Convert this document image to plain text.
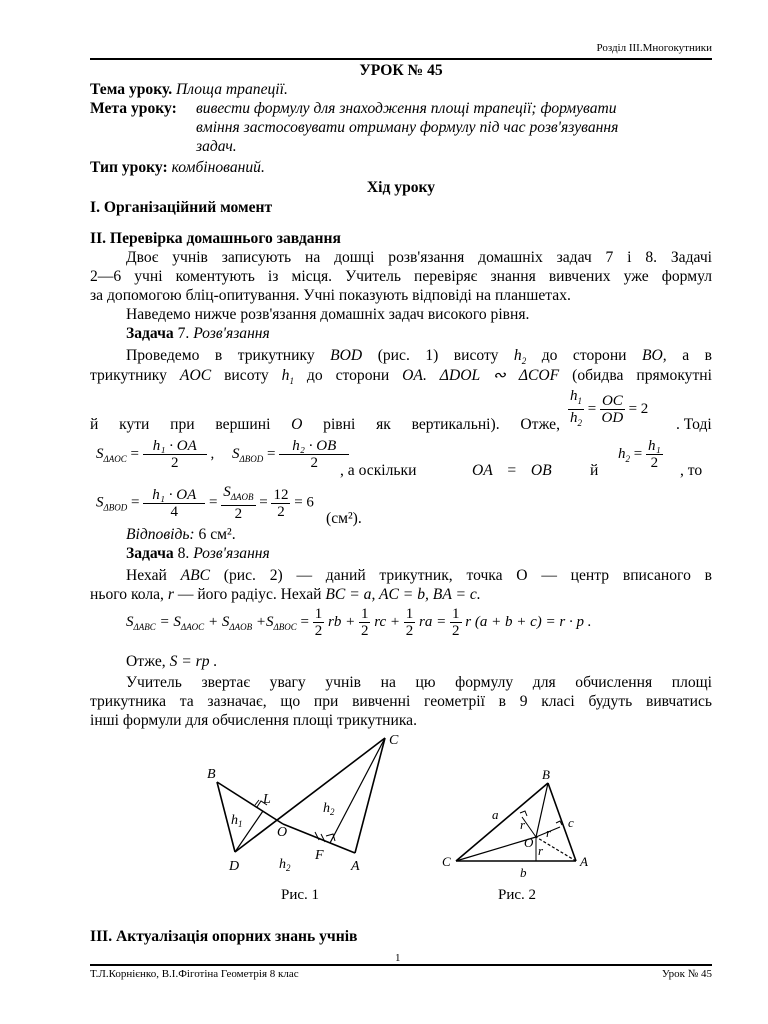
Розділ ІІІ.Многокутники
УРОК № 45
Тема уроку. Площа трапеції.
Мета уроку: вивести формулу для знаходження площі трапеції; формувати
вміння застосовувати отриману формулу під час розв'язування
задач.
Тип уроку: комбінований.
Хід уроку
I. Організаційний момент
II. Перевірка домашнього завдання
Двоє учнів записують на дошці розв'язання домашніх задач 7 і 8. Задачі
2—6 учні коментують із місця. Учитель перевіряє знання вивчених уже формул
за допомогою бліц-опитування. Учні показують відповіді на планшетах.
Наведемо нижче розв'язання домашніх задач високого рівня.
Задача 7. Розв'язання
Проведемо в трикутнику BOD (рис. 1) висоту $h_2$ до сторони BO, а в
трикутнику AOC висоту $h_1$ до сторони OA. ΔDOL ∾ ΔCOF (обидва прямокутні
$\frac{h_1}{h_2} = \frac{OC}{OD} = 2$
й кути при вершині O рівні як вертикальні). Отже,	. Тоді
$S_{\Delta AOC} = \frac{\text{h₁ · OA}}{2}$ , $S_{\Delta BOD} = \frac{\text{h₂ · OB}}{2}$
, а оскільки	OA = OB й
$h_2 = \frac{\text{h₁}}{2}$ , то
$S_{\Delta BOD} = \frac{\text{h₁ · OA}}{4} = \frac{S_{\Delta AOB}}{2} = \frac{12}{2} = 6$
(см²).
Відповідь: 6 см².
Задача 8. Розв'язання
Нехай ABC (рис. 2) — даний трикутник, точка O — центр вписаного в
нього кола, r — його радіус. Нехай BC = a, AC = b, BA = c.
$S_{\Delta ABC} = S_{\Delta AOC} + S_{\Delta AOB} +S_{\Delta BOC} = \frac{1}{2}$ rb + $\frac{1}{2}$ rc + $\frac{1}{2}$ ra = $\frac{1}{2}$ r (a + b + c) = r · p .
Отже, S = rp .
Учитель звертає увагу учнів на цю формулу для обчислення площі
трикутника та зазначає, що при вивченні геометрії в 9 класі будуть вивчатись
інші формули для обчислення площі трикутника.
B
C
D	A
O
L
F
$h_1$
$h_2$
$h_2$
Рис. 1
B
C	A
O
a
b
c
r
r
r
Рис. 2
III. Актуалізація опорних знань учнів
1
Т.Л.Корнієнко, В.І.Фіготіна Геометрія 8 клас	Урок № 45
